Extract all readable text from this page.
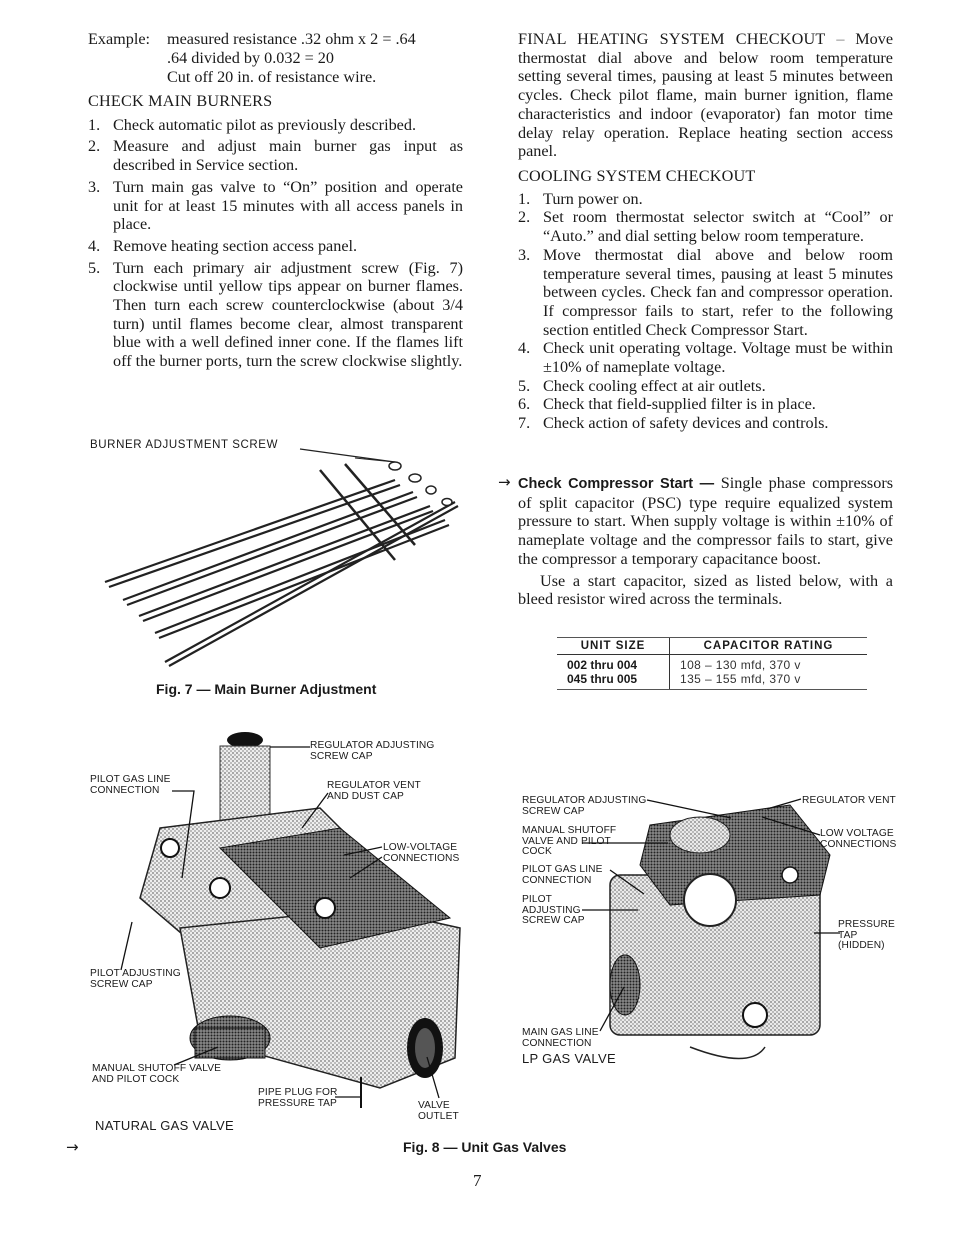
Example: measured resistance .32 ohm x 2 = .64
.64 divided by 0.032 = 20
Cut off 20 in. of resistance wire.
CHECK MAIN BURNERS
1. Check automatic pilot as previously described.
2. Measure and adjust main burner gas input as described in Service section.
3. Turn main gas valve to “On” position and operate unit for at least 15 minutes with all access panels in place.
4. Remove heating section access panel.
5. Turn each primary air adjustment screw (Fig. 7) clockwise until yellow tips appear on burner flames. Then turn each screw counterclockwise (about 3/4 turn) until flames become clear, almost transparent blue with a well defined inner cone. If the flames lift off the burner ports, turn the screw clockwise slightly.
BURNER ADJUSTMENT SCREW
Fig. 7 — Main Burner Adjustment
FINAL HEATING SYSTEM CHECKOUT – Move thermostat dial above and below room temperature setting several times, pausing at least 5 minutes between cycles. Check pilot flame, main burner ignition, flame characteristics and indoor (evaporator) fan motor time delay relay operation. Replace heating section access panel.
COOLING SYSTEM CHECKOUT
1. Turn power on.
2. Set room thermostat selector switch at “Cool” or “Auto.” and dial setting below room temperature.
3. Move thermostat dial above and below room temperature several times, pausing at least 5 minutes between cycles. Check fan and compressor operation. If compressor fails to start, refer to the following section entitled Check Compressor Start.
4. Check unit operating voltage. Voltage must be within ±10% of nameplate voltage.
5. Check cooling effect at air outlets.
6. Check that field-supplied filter is in place.
7. Check action of safety devices and controls.
→ Check Compressor Start — Single phase compressors of split capacitor (PSC) type require equalized system pressure to start. When supply voltage is within ±10% of nameplate voltage and the compressor fails to start, give the compressor a temporary capacitance boost.
Use a start capacitor, sized as listed below, with a bleed resistor wired across the terminals.
UNIT SIZE	CAPACITOR RATING
002 thru 004	108 – 130 mfd, 370 v
045 thru 005	135 – 155 mfd, 370 v
REGULATOR ADJUSTING SCREW CAP
PILOT GAS LINE CONNECTION	REGULATOR VENT AND DUST CAP
LOW-VOLTAGE CONNECTIONS
PILOT ADJUSTING SCREW CAP
MANUAL SHUTOFF VALVE AND PILOT COCK
PIPE PLUG FOR PRESSURE TAP	VALVE OUTLET
NATURAL GAS VALVE
REGULATOR ADJUSTING SCREW CAP
REGULATOR VENT
MANUAL SHUTOFF VALVE AND PILOT COCK
LOW VOLTAGE CONNECTIONS
PILOT GAS LINE CONNECTION
PILOT ADJUSTING SCREW CAP	PRESSURE TAP (HIDDEN)
MAIN GAS LINE CONNECTION
LP GAS VALVE
→	Fig. 8 — Unit Gas Valves
7
